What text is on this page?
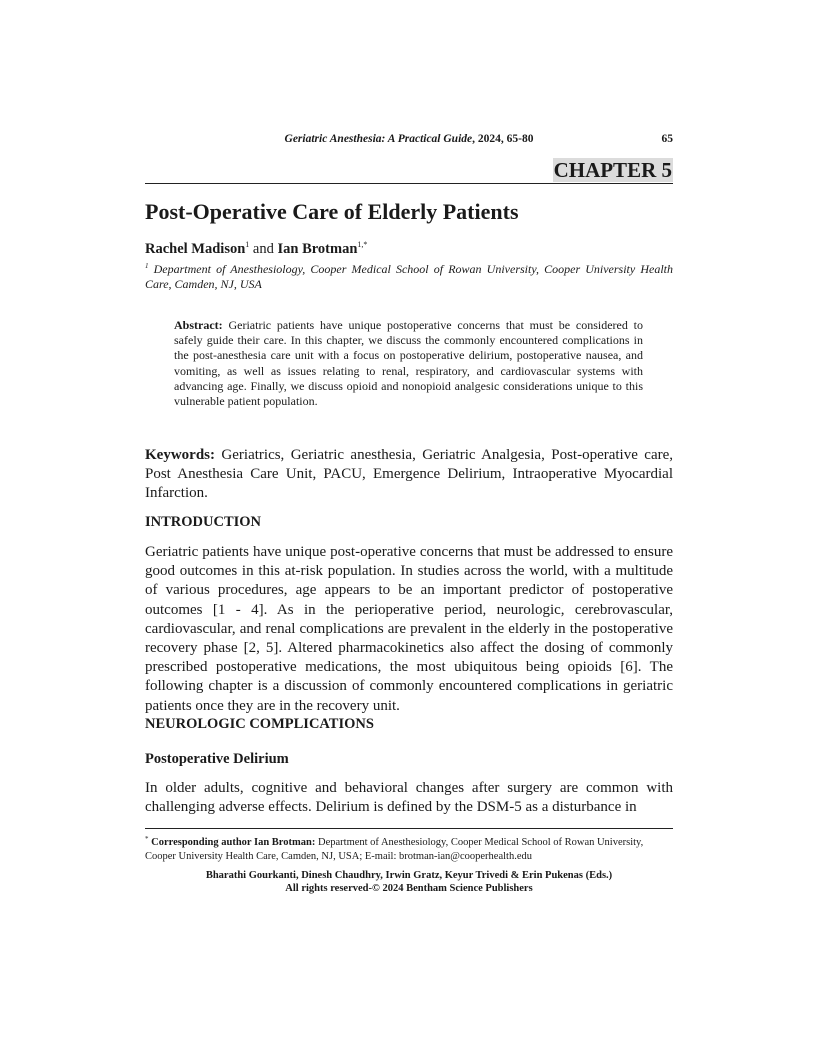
Geriatric Anesthesia: A Practical Guide, 2024, 65-80	65
CHAPTER 5
Post-Operative Care of Elderly Patients
Rachel Madison$^1$ and Ian Brotman$^{1,*}$
$^1$ Department of Anesthesiology, Cooper Medical School of Rowan University, Cooper University Health Care, Camden, NJ, USA
Abstract: Geriatric patients have unique postoperative concerns that must be considered to safely guide their care. In this chapter, we discuss the commonly encountered complications in the post-anesthesia care unit with a focus on postoperative delirium, postoperative nausea, and vomiting, as well as issues relating to renal, respiratory, and cardiovascular systems with advancing age. Finally, we discuss opioid and nonopioid analgesic considerations unique to this vulnerable patient population.
Keywords: Geriatrics, Geriatric anesthesia, Geriatric Analgesia, Post-operative care, Post Anesthesia Care Unit, PACU, Emergence Delirium, Intraoperative Myocardial Infarction.
INTRODUCTION

Geriatric patients have unique post-operative concerns that must be addressed to ensure good outcomes in this at-risk population. In studies across the world, with a multitude of various procedures, age appears to be an important predictor of postoperative outcomes [1 - 4]. As in the perioperative period, neurologic, cerebrovascular, cardiovascular, and renal complications are prevalent in the elderly in the postoperative recovery phase [2, 5]. Altered pharmacokinetics also affect the dosing of commonly prescribed postoperative medications, the most ubiquitous being opioids [6]. The following chapter is a discussion of commonly encountered complications in geriatric patients once they are in the recovery unit.

NEUROLOGIC COMPLICATIONS
Postoperative Delirium

In older adults, cognitive and behavioral changes after surgery are common with challenging adverse effects. Delirium is defined by the DSM-5 as a disturbance in

* Corresponding author Ian Brotman: Department of Anesthesiology, Cooper Medical School of Rowan University, Cooper University Health Care, Camden, NJ, USA; E-mail: brotman-ian@cooperhealth.edu
Bharathi Gourkanti, Dinesh Chaudhry, Irwin Gratz, Keyur Trivedi & Erin Pukenas (Eds.)
All rights reserved-© 2024 Bentham Science Publishers
